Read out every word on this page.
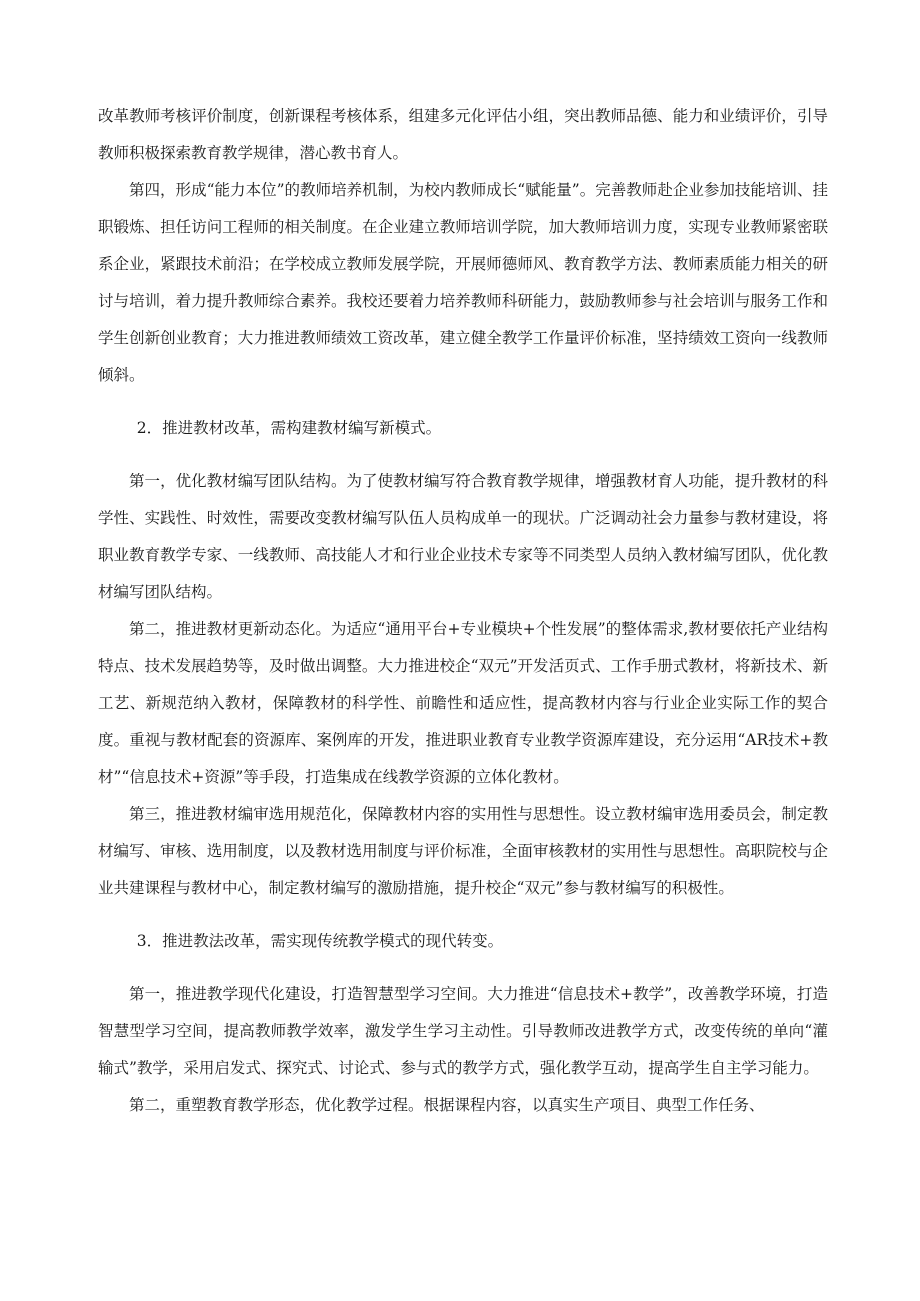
改革教师考核评价制度，创新课程考核体系，组建多元化评估小组，突出教师品德、能力和业绩评价，引导教师积极探索教育教学规律，潜心教书育人。

第四，形成“能力本位”的教师培养机制，为校内教师成长“赋能量”。完善教师赴企业参加技能培训、挂职锻炼、担任访问工程师的相关制度。在企业建立教师培训学院，加大教师培训力度，实现专业教师紧密联系企业，紧跟技术前沿；在学校成立教师发展学院，开展师德师风、教育教学方法、教师素质能力相关的研讨与培训，着力提升教师综合素养。我校还要着力培养教师科研能力，鼓励教师参与社会培训与服务工作和学生创新创业教育；大力推进教师绩效工资改革，建立健全教学工作量评价标准，坚持绩效工资向一线教师倾斜。

2．推进教材改革，需构建教材编写新模式。

第一，优化教材编写团队结构。为了使教材编写符合教育教学规律，增强教材育人功能，提升教材的科学性、实践性、时效性，需要改变教材编写队伍人员构成单一的现状。广泛调动社会力量参与教材建设，将职业教育教学专家、一线教师、高技能人才和行业企业技术专家等不同类型人员纳入教材编写团队，优化教材编写团队结构。

第二，推进教材更新动态化。为适应“通用平台+专业模块+个性发展”的整体需求,教材要依托产业结构特点、技术发展趋势等，及时做出调整。大力推进校企“双元”开发活页式、工作手册式教材，将新技术、新工艺、新规范纳入教材，保障教材的科学性、前瞻性和适应性，提高教材内容与行业企业实际工作的契合度。重视与教材配套的资源库、案例库的开发，推进职业教育专业教学资源库建设，充分运用“AR技术+教材”“信息技术+资源”等手段，打造集成在线教学资源的立体化教材。

第三，推进教材编审选用规范化，保障教材内容的实用性与思想性。设立教材编审选用委员会，制定教材编写、审核、选用制度，以及教材选用制度与评价标准，全面审核教材的实用性与思想性。高职院校与企业共建课程与教材中心，制定教材编写的激励措施，提升校企“双元”参与教材编写的积极性。

3．推进教法改革，需实现传统教学模式的现代转变。

第一，推进教学现代化建设，打造智慧型学习空间。大力推进“信息技术+教学”，改善教学环境，打造智慧型学习空间，提高教师教学效率，激发学生学习主动性。引导教师改进教学方式，改变传统的单向“灌输式”教学，采用启发式、探究式、讨论式、参与式的教学方式，强化教学互动，提高学生自主学习能力。

第二，重塑教育教学形态，优化教学过程。根据课程内容，以真实生产项目、典型工作任务、
